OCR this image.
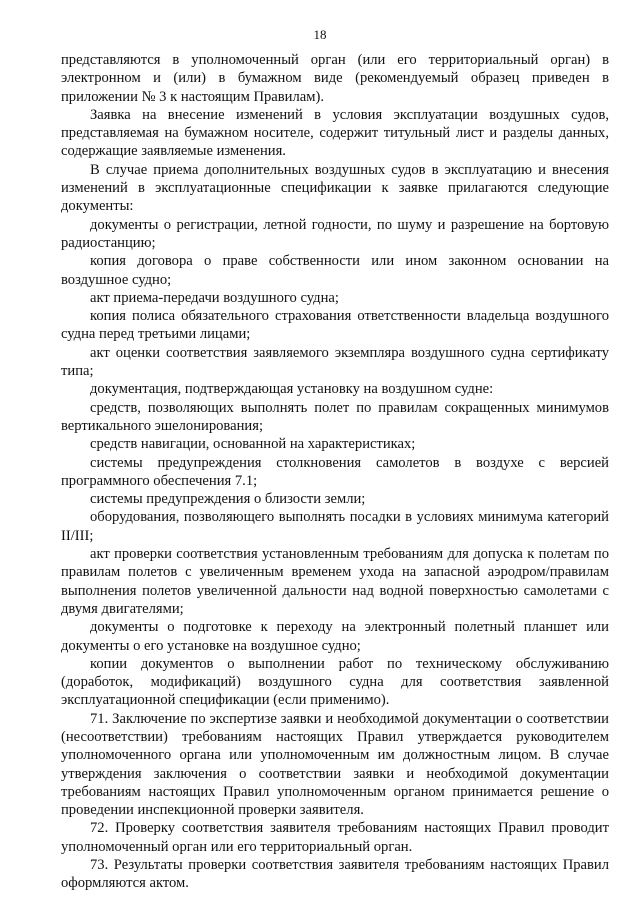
18

представляются в уполномоченный орган (или его территориальный орган) в электронном и (или) в бумажном виде (рекомендуемый образец приведен в приложении № 3 к настоящим Правилам).

Заявка на внесение изменений в условия эксплуатации воздушных судов, представляемая на бумажном носителе, содержит титульный лист и разделы данных, содержащие заявляемые изменения.

В случае приема дополнительных воздушных судов в эксплуатацию и внесения изменений в эксплуатационные спецификации к заявке прилагаются следующие документы:

документы о регистрации, летной годности, по шуму и разрешение на бортовую радиостанцию;

копия договора о праве собственности или ином законном основании на воздушное судно;

акт приема-передачи воздушного судна;

копия полиса обязательного страхования ответственности владельца воздушного судна перед третьими лицами;

акт оценки соответствия заявляемого экземпляра воздушного судна сертификату типа;

документация, подтверждающая установку на воздушном судне:

средств, позволяющих выполнять полет по правилам сокращенных минимумов вертикального эшелонирования;

средств навигации, основанной на характеристиках;

системы предупреждения столкновения самолетов в воздухе с версией программного обеспечения 7.1;

системы предупреждения о близости земли;

оборудования, позволяющего выполнять посадки в условиях минимума категорий II/III;

акт проверки соответствия установленным требованиям для допуска к полетам по правилам полетов с увеличенным временем ухода на запасной аэродром/правилам выполнения полетов увеличенной дальности над водной поверхностью самолетами с двумя двигателями;

документы о подготовке к переходу на электронный полетный планшет или документы о его установке на воздушное судно;

копии документов о выполнении работ по техническому обслуживанию (доработок, модификаций) воздушного судна для соответствия заявленной эксплуатационной спецификации (если применимо).

71. Заключение по экспертизе заявки и необходимой документации о соответствии (несоответствии) требованиям настоящих Правил утверждается руководителем уполномоченного органа или уполномоченным им должностным лицом. В случае утверждения заключения о соответствии заявки и необходимой документации требованиям настоящих Правил уполномоченным органом принимается решение о проведении инспекционной проверки заявителя.

72. Проверку соответствия заявителя требованиям настоящих Правил проводит уполномоченный орган или его территориальный орган.

73. Результаты проверки соответствия заявителя требованиям настоящих Правил оформляются актом.
